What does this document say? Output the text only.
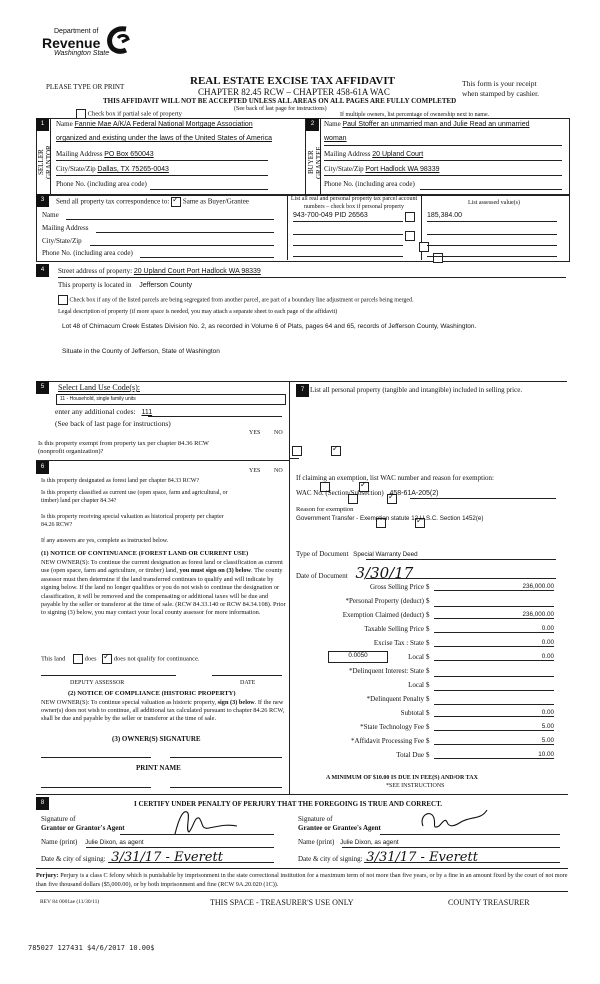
Department of
Revenue
Washington State
PLEASE TYPE OR PRINT	REAL ESTATE EXCISE TAX AFFIDAVIT
CHAPTER 82.45 RCW – CHAPTER 458-61A WAC
This form is your receipt
when stamped by cashier.
THIS AFFIDAVIT WILL NOT BE ACCEPTED UNLESS ALL AREAS ON ALL PAGES ARE FULLY COMPLETED
(See back of last page for instructions)
Check box if partial sale of property	If multiple owners, list percentage of ownership next to name.
1
SELLER GRANTOR
Name Fannie Mae A/K/A Federal National Mortgage Association
organized and existing under the laws of the United States of America
Mailing Address PO Box 650043
City/State/Zip Dallas, TX 75265-0043
Phone No. (including area code)
2
BUYER GRANTEE
Name Paul Stoffer an unmarried man and Julie Read an unmarried
woman
Mailing Address 20 Upland Court
City/State/Zip Port Hadlock WA 98339
Phone No. (including area code)
3	Send all property tax correspondence to: ✓ Same as Buyer/Grantee
Name
Mailing Address
City/State/Zip
Phone No. (including area code)
List all real and personal property tax parcel account numbers – check box if personal property
List assessed value(s)
943-700-049 PID 26563	185,384.00

4	Street address of property: 20 Upland Court Port Hadlock WA 98339
This property is located in Jefferson County
Check box if any of the listed parcels are being segregated from another parcel, are part of a boundary line adjustment or parcels being merged.
Legal description of property (if more space is needed, you may attach a separate sheet to each page of the affidavit)
Lot 48 of Chimacum Creek Estates Division No. 2, as recorded in Volume 6 of Plats, pages 64 and 65, records of Jefferson County, Washington.
Situate in the County of Jefferson, State of Washington
5	Select Land Use Code(s):
11 - Household, single family units
enter any additional codes: 111
(See back of last page for instructions)
YES NO
Is this property exempt from property tax per chapter 84.36 RCW (nonprofit organization)?
✓
6
YES NO
Is this property designated as forest land per chapter 84.33 RCW?
✓
Is this property classified as current use (open space, farm and agricultural, or timber) land per chapter 84.34?
✓
Is this property receiving special valuation as historical property per chapter 84.26 RCW?
✓
If any answers are yes, complete as instructed below.
(1) NOTICE OF CONTINUANCE (FOREST LAND OR CURRENT USE)
NEW OWNER(S): To continue the current designation as forest land or classification as current use (open space, farm and agriculture, or timber) land, you must sign on (3) below. The county assessor must then determine if the land transferred continues to qualify and will indicate by signing below. If the land no longer qualifies or you do not wish to continue the designation or classification, it will be removed and the compensating or additional taxes will be due and payable by the seller or transferor at the time of sale. (RCW 84.33.140 or RCW 84.34.108). Prior to signing (3) below, you may contact your local county assessor for more information.
This land	does ✓	does not qualify for continuance.
DEPUTY ASSESSOR	DATE
(2) NOTICE OF COMPLIANCE (HISTORIC PROPERTY)
NEW OWNER(S): To continue special valuation as historic property, sign (3) below. If the new owner(s) does not wish to continue, all additional tax calculated pursuant to chapter 84.26 RCW, shall be due and payable by the seller or transferor at the time of sale.
(3) OWNER(S) SIGNATURE
PRINT NAME
7 List all personal property (tangible and intangible) included in selling price.
If claiming an exemption, list WAC number and reason for exemption:
WAC No. (Section/Subsection) 458-61A-205(2)
Reason for exemption
Government Transfer - Exemption statute 12 U.S.C. Section 1452(e)
Type of Document Special Warranty Deed
Date of Document 3/30/17
Gross Selling Price $	236,000.00
*Personal Property (deduct) $
Exemption Claimed (deduct) $	236,000.00
Taxable Selling Price $	0.00
Excise Tax : State $	0.00
0.0050	Local $	0.00
*Delinquent Interest: State $
Local $
*Delinquent Penalty $
Subtotal $	0.00
*State Technology Fee $	5.00
*Affidavit Processing Fee $	5.00
Total Due $	10.00
A MINIMUM OF $10.00 IS DUE IN FEE(S) AND/OR TAX
*SEE INSTRUCTIONS
8	I CERTIFY UNDER PENALTY OF PERJURY THAT THE FOREGOING IS TRUE AND CORRECT.
Signature of
Grantor or Grantor's Agent
Name (print) Julie Dixon, as agent
Date & city of signing: 3/31/17 - Everett
Signature of
Grantee or Grantee's Agent
Name (print) Julie Dixon, as agent
Date & city of signing: 3/31/17 - Everett
Perjury: Perjury is a class C felony which is punishable by imprisonment in the state correctional institution for a maximum term of not more than five years, or by a fine in an amount fixed by the court of not more than five thousand dollars ($5,000.00), or by both imprisonment and fine (RCW 9A.20.020 (1C)).
REV 84 0001ae (11/30/11)	THIS SPACE - TREASURER'S USE ONLY	COUNTY TREASURER
785027 127431 $4/6/2017 10.00$
